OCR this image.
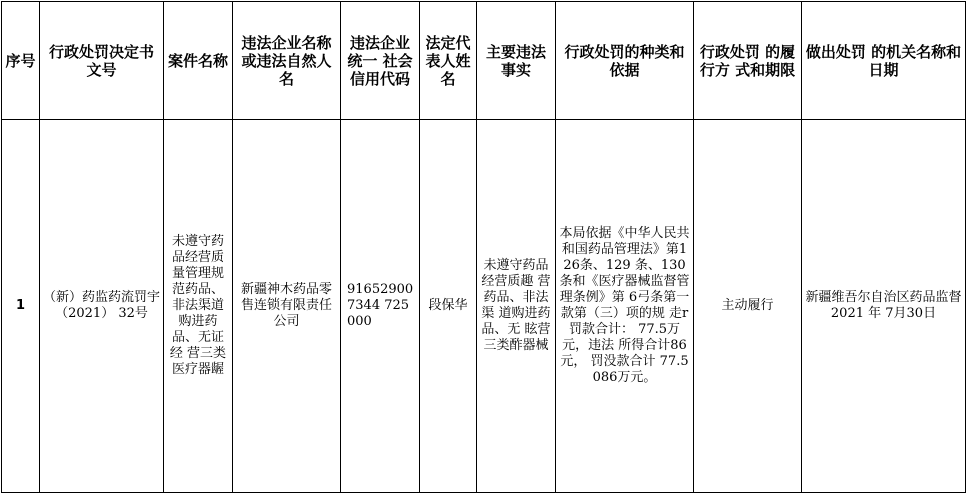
序号	行政处罚决定书文号	案件名称	违法企业名称或违法自然人名	违法企业统一 社会信用代码	法定代表人姓名	主要违法事实	行政处罚的种类和依据	行政处罚 的履行方 式和期限	做出处罚 的机关名称和日期
1	（新）药监药流罚宇（2021） 32号	未遵守药品经营质量管理规范药品、非法渠道购进药品、无证经 营三类医疗器龌	新疆神木药品零售连锁有限责任公司	91652900 7344 725000	段保华	未遵守药品经营质趣 营药品、非法渠 道购进药品、无 眩营三类酢器械	本局依据《中华人民共和国药品管理法》第126条、129 条、130 条和《医疗器械监督管理条例》第 6弓条第一款第（三）项的规 走r罚款合计： 77.5万元，违法 所得合计86元， 罚没款合计 77.5086万元。	主动履行	新疆维吾尔自治区药品监督 2021 年 7月30日
